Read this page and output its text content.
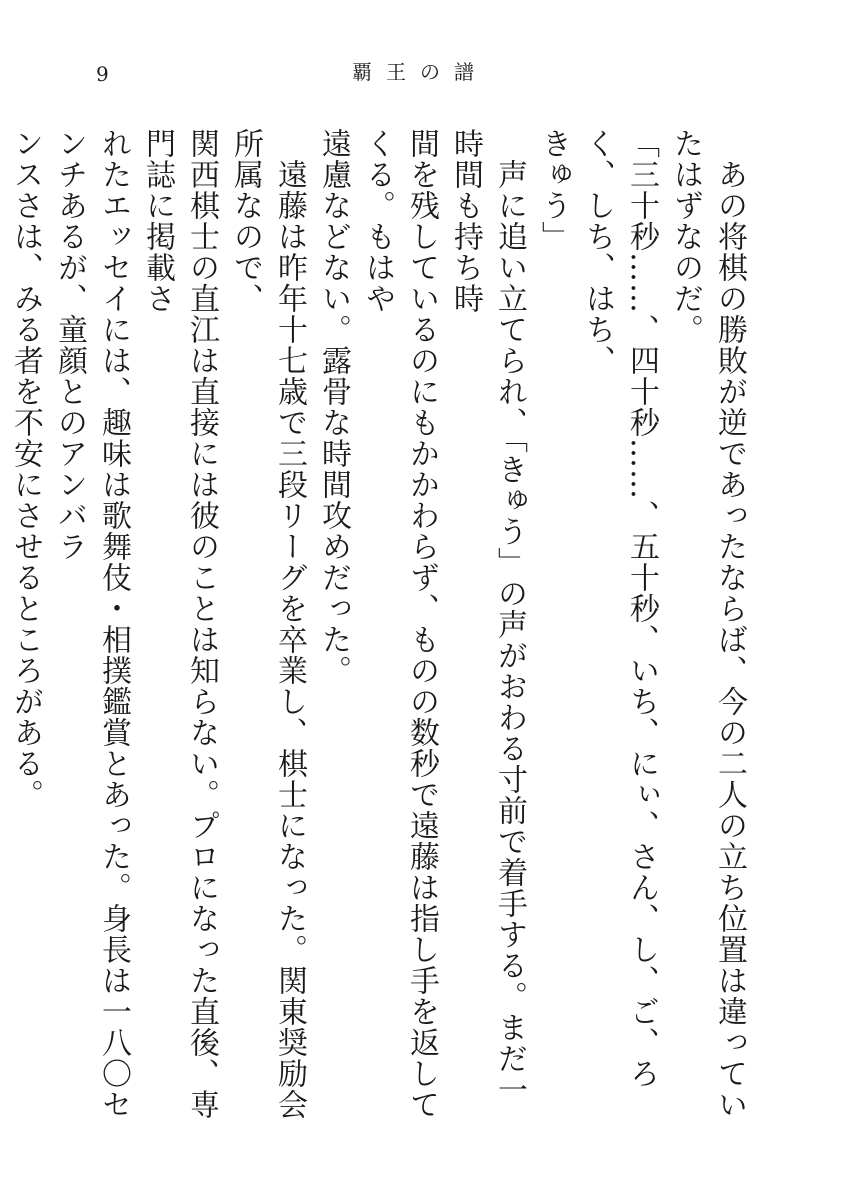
9	覇王の譜

　あの将棋の勝敗が逆であったならば、今の二人の立ち位置は違っていたはずなのだ。

「三十秒……、四十秒……、五十秒、いち、にぃ、さん、し、ご、ろく、しち、はち、
きゅう」

　声に追い立てられ、「きゅう」の声がおわる寸前で着手する。まだ一時間も持ち時
間を残しているのにもかかわらず、ものの数秒で遠藤は指し手を返してくる。もはや
遠慮などない。露骨な時間攻めだった。

　遠藤は昨年十七歳で三段リーグを卒業し、棋士になった。関東奨励会所属なので、
関西棋士の直江は直接には彼のことは知らない。プロになった直後、専門誌に掲載さ
れたエッセイには、趣味は歌舞伎・相撲鑑賞とあった。身長は一八〇センチあるが、童顔とのアンバラ
ンスさは、みる者を不安にさせるところがある。
